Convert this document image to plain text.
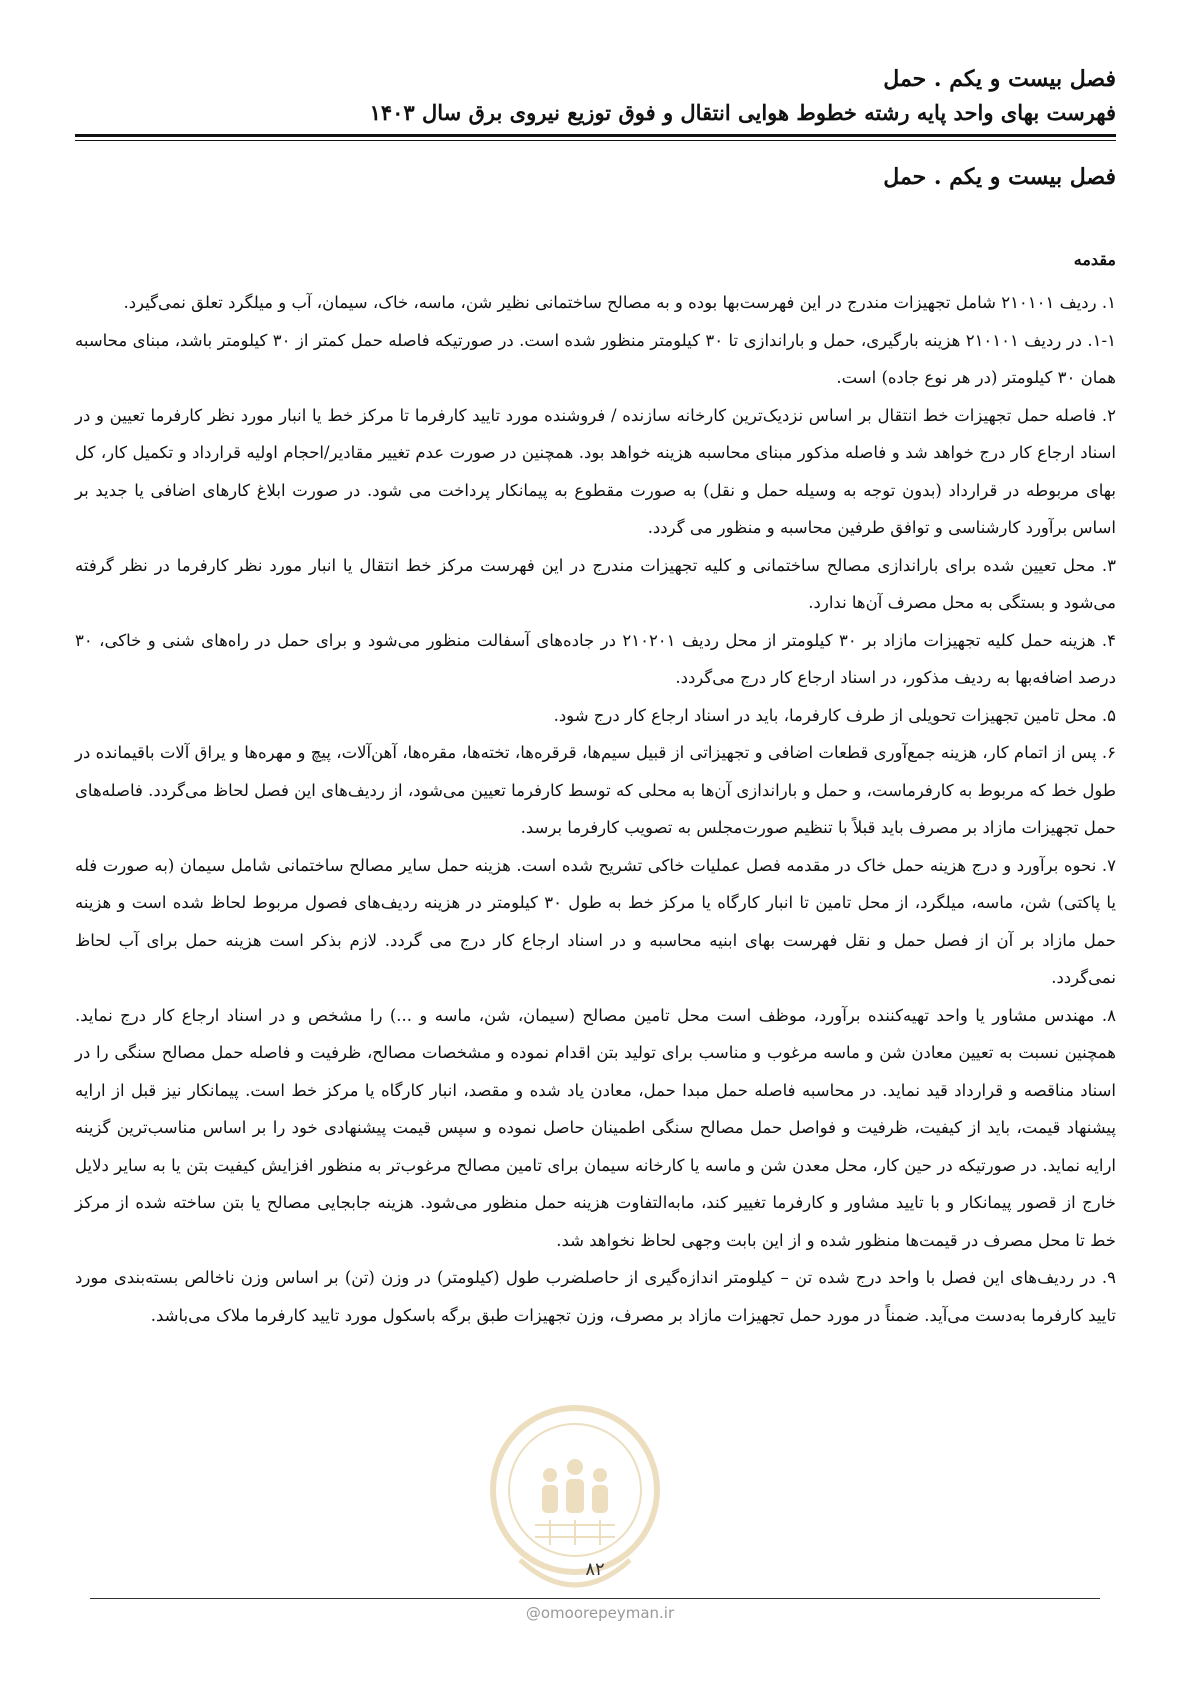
فصل بیست و یکم . حمل
فهرست بهای واحد پایه رشته خطوط هوایی انتقال و فوق توزیع نیروی برق سال ۱۴۰۳
فصل بیست و یکم . حمل
مقدمه

۱. ردیف ۲۱۰۱۰۱ شامل تجهیزات مندرج در این فهرست‌بها بوده و به مصالح ساختمانی نظیر شن، ماسه، خاک، سیمان، آب و میلگرد تعلق نمی‌گیرد.

۱-۱. در ردیف ۲۱۰۱۰۱ هزینه بارگیری، حمل و باراندازی تا ۳۰ کیلومتر منظور شده است. در صورتیکه فاصله حمل کمتر از ۳۰ کیلومتر باشد، مبنای محاسبه همان ۳۰ کیلومتر (در هر نوع جاده) است.

۲. فاصله حمل تجهیزات خط انتقال بر اساس نزدیک‌ترین کارخانه سازنده / فروشنده مورد تایید کارفرما تا مرکز خط یا انبار مورد نظر کارفرما تعیین و در اسناد ارجاع کار درج خواهد شد و فاصله مذکور مبنای محاسبه هزینه خواهد بود. همچنین در صورت عدم تغییر مقادیر/احجام اولیه قرارداد و تکمیل کار، کل بهای مربوطه در قرارداد (بدون توجه به وسیله حمل و نقل) به صورت مقطوع به پیمانکار پرداخت می شود. در صورت ابلاغ کارهای اضافی یا جدید بر اساس برآورد کارشناسی و توافق طرفین محاسبه و منظور می گردد.

۳. محل تعیین شده برای باراندازی مصالح ساختمانی و کلیه تجهیزات مندرج در این فهرست مرکز خط انتقال یا انبار مورد نظر کارفرما در نظر گرفته می‌شود و بستگی به محل مصرف آن‌ها ندارد.

۴. هزینه حمل کلیه تجهیزات مازاد بر ۳۰ کیلومتر از محل ردیف ۲۱۰۲۰۱ در جاده‌های آسفالت منظور می‌شود و برای حمل در راه‌های شنی و خاکی، ۳۰ درصد اضافه‌بها به ردیف مذکور، در اسناد ارجاع کار درج می‌گردد.

۵. محل تامین تجهیزات تحویلی از طرف کارفرما، باید در اسناد ارجاع کار درج شود.

۶. پس از اتمام کار، هزینه جمع‌آوری قطعات اضافی و تجهیزاتی از قبیل سیم‌ها، قرقره‌ها، تخته‌ها، مقره‌ها، آهن‌آلات، پیچ و مهره‌ها و یراق آلات باقیمانده در طول خط که مربوط به کارفرماست، و حمل و باراندازی آن‌ها به محلی که توسط کارفرما تعیین می‌شود، از ردیف‌های این فصل لحاظ می‌گردد. فاصله‌های حمل تجهیزات مازاد بر مصرف باید قبلاً با تنظیم صورت‌مجلس به تصویب کارفرما برسد.

۷. نحوه برآورد و درج هزینه حمل خاک در مقدمه فصل عملیات خاکی تشریح شده است. هزینه حمل سایر مصالح ساختمانی شامل سیمان (به صورت فله یا پاکتی) شن، ماسه، میلگرد، از محل تامین تا انبار کارگاه یا مرکز خط به طول ۳۰ کیلومتر در هزینه ردیف‌های فصول مربوط لحاظ شده است و هزینه حمل مازاد بر آن از فصل حمل و نقل فهرست بهای ابنیه محاسبه و در اسناد ارجاع کار درج می گردد. لازم بذکر است هزینه حمل برای آب لحاظ نمی‌گردد.

۸. مهندس مشاور یا واحد تهیه‌کننده برآورد، موظف است محل تامین مصالح (سیمان، شن، ماسه و ...) را مشخص و در اسناد ارجاع کار درج نماید. همچنین نسبت به تعیین معادن شن و ماسه مرغوب و مناسب برای تولید بتن اقدام نموده و مشخصات مصالح، ظرفیت و فاصله حمل مصالح سنگی را در اسناد مناقصه و قرارداد قید نماید. در محاسبه فاصله حمل مبدا حمل، معادن یاد شده و مقصد، انبار کارگاه یا مرکز خط است. پیمانکار نیز قبل از ارایه پیشنهاد قیمت، باید از کیفیت، ظرفیت و فواصل حمل مصالح سنگی اطمینان حاصل نموده و سپس قیمت پیشنهادی خود را بر اساس مناسب‌ترین گزینه ارایه نماید. در صورتیکه در حین کار، محل معدن شن و ماسه یا کارخانه سیمان برای تامین مصالح مرغوب‌تر به منظور افزایش کیفیت بتن یا به سایر دلایل خارج از قصور پیمانکار و با تایید مشاور و کارفرما تغییر کند، مابه‌التفاوت هزینه حمل منظور می‌شود. هزینه جابجایی مصالح یا بتن ساخته شده از مرکز خط تا محل مصرف در قیمت‌ها منظور شده و از این بابت وجهی لحاظ نخواهد شد.

۹. در ردیف‌های این فصل با واحد درج شده تن – کیلومتر اندازه‌گیری از حاصلضرب طول (کیلومتر) در وزن (تن) بر اساس وزن ناخالص بسته‌بندی مورد تایید کارفرما به‌دست می‌آید. ضمناً در مورد حمل تجهیزات مازاد بر مصرف، وزن تجهیزات طبق برگه باسکول مورد تایید کارفرما ملاک می‌باشد.

۸۲
@omoorepeyman.ir
